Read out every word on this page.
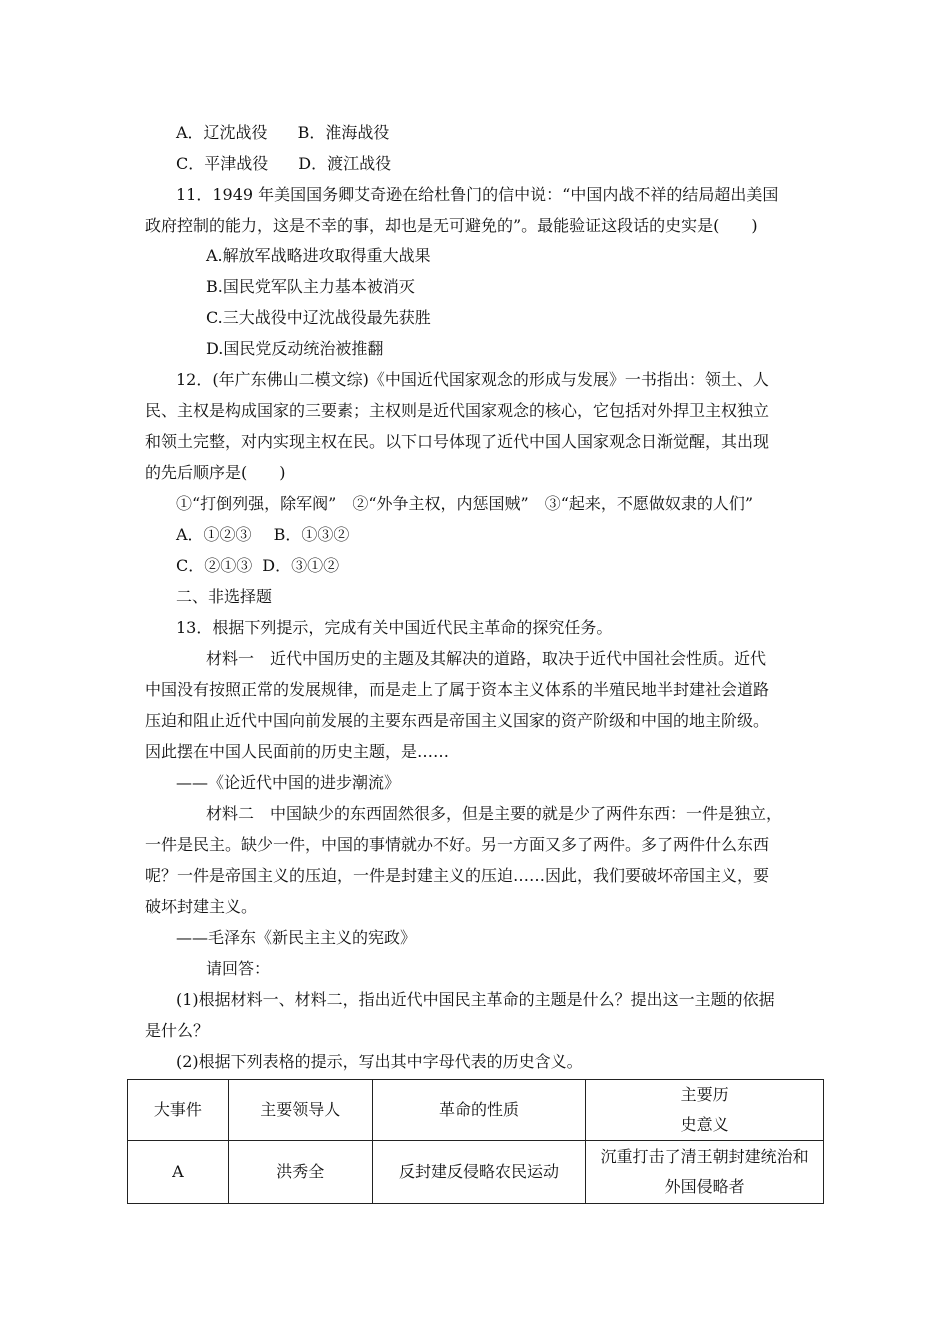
A．辽沈战役 B．淮海战役
C．平津战役 D．渡江战役
11．1949 年美国国务卿艾奇逊在给杜鲁门的信中说：“中国内战不祥的结局超出美国
政府控制的能力，这是不幸的事，却也是无可避免的”。最能验证这段话的史实是(　　)
A.解放军战略进攻取得重大战果
B.国民党军队主力基本被消灭
C.三大战役中辽沈战役最先获胜
D.国民党反动统治被推翻
12．(年广东佛山二模文综)《中国近代国家观念的形成与发展》一书指出：领土、人
民、主权是构成国家的三要素；主权则是近代国家观念的核心，它包括对外捍卫主权独立
和领土完整，对内实现主权在民。以下口号体现了近代中国人国家观念日渐觉醒，其出现
的先后顺序是(　　)
①“打倒列强，除军阀”　②“外争主权，内惩国贼”　③“起来，不愿做奴隶的人们”
A．①②③ B．①③②
C．②①③ D．③①②
二、非选择题
13．根据下列提示，完成有关中国近代民主革命的探究任务。
材料一　近代中国历史的主题及其解决的道路，取决于近代中国社会性质。近代
中国没有按照正常的发展规律，而是走上了属于资本主义体系的半殖民地半封建社会道路
压迫和阻止近代中国向前发展的主要东西是帝国主义国家的资产阶级和中国的地主阶级。
因此摆在中国人民面前的历史主题，是……
——《论近代中国的进步潮流》
材料二　中国缺少的东西固然很多，但是主要的就是少了两件东西：一件是独立，
一件是民主。缺少一件，中国的事情就办不好。另一方面又多了两件。多了两件什么东西
呢？一件是帝国主义的压迫，一件是封建主义的压迫……因此，我们要破坏帝国主义，要
破坏封建主义。
——毛泽东《新民主主义的宪政》
请回答：
(1)根据材料一、材料二，指出近代中国民主革命的主题是什么？提出这一主题的依据
是什么？
(2)根据下列表格的提示，写出其中字母代表的历史含义。
大事件	主要领导人	革命的性质	主要历
史意义
A	洪秀全	反封建反侵略农民运动	沉重打击了清王朝封建统治和
外国侵略者
